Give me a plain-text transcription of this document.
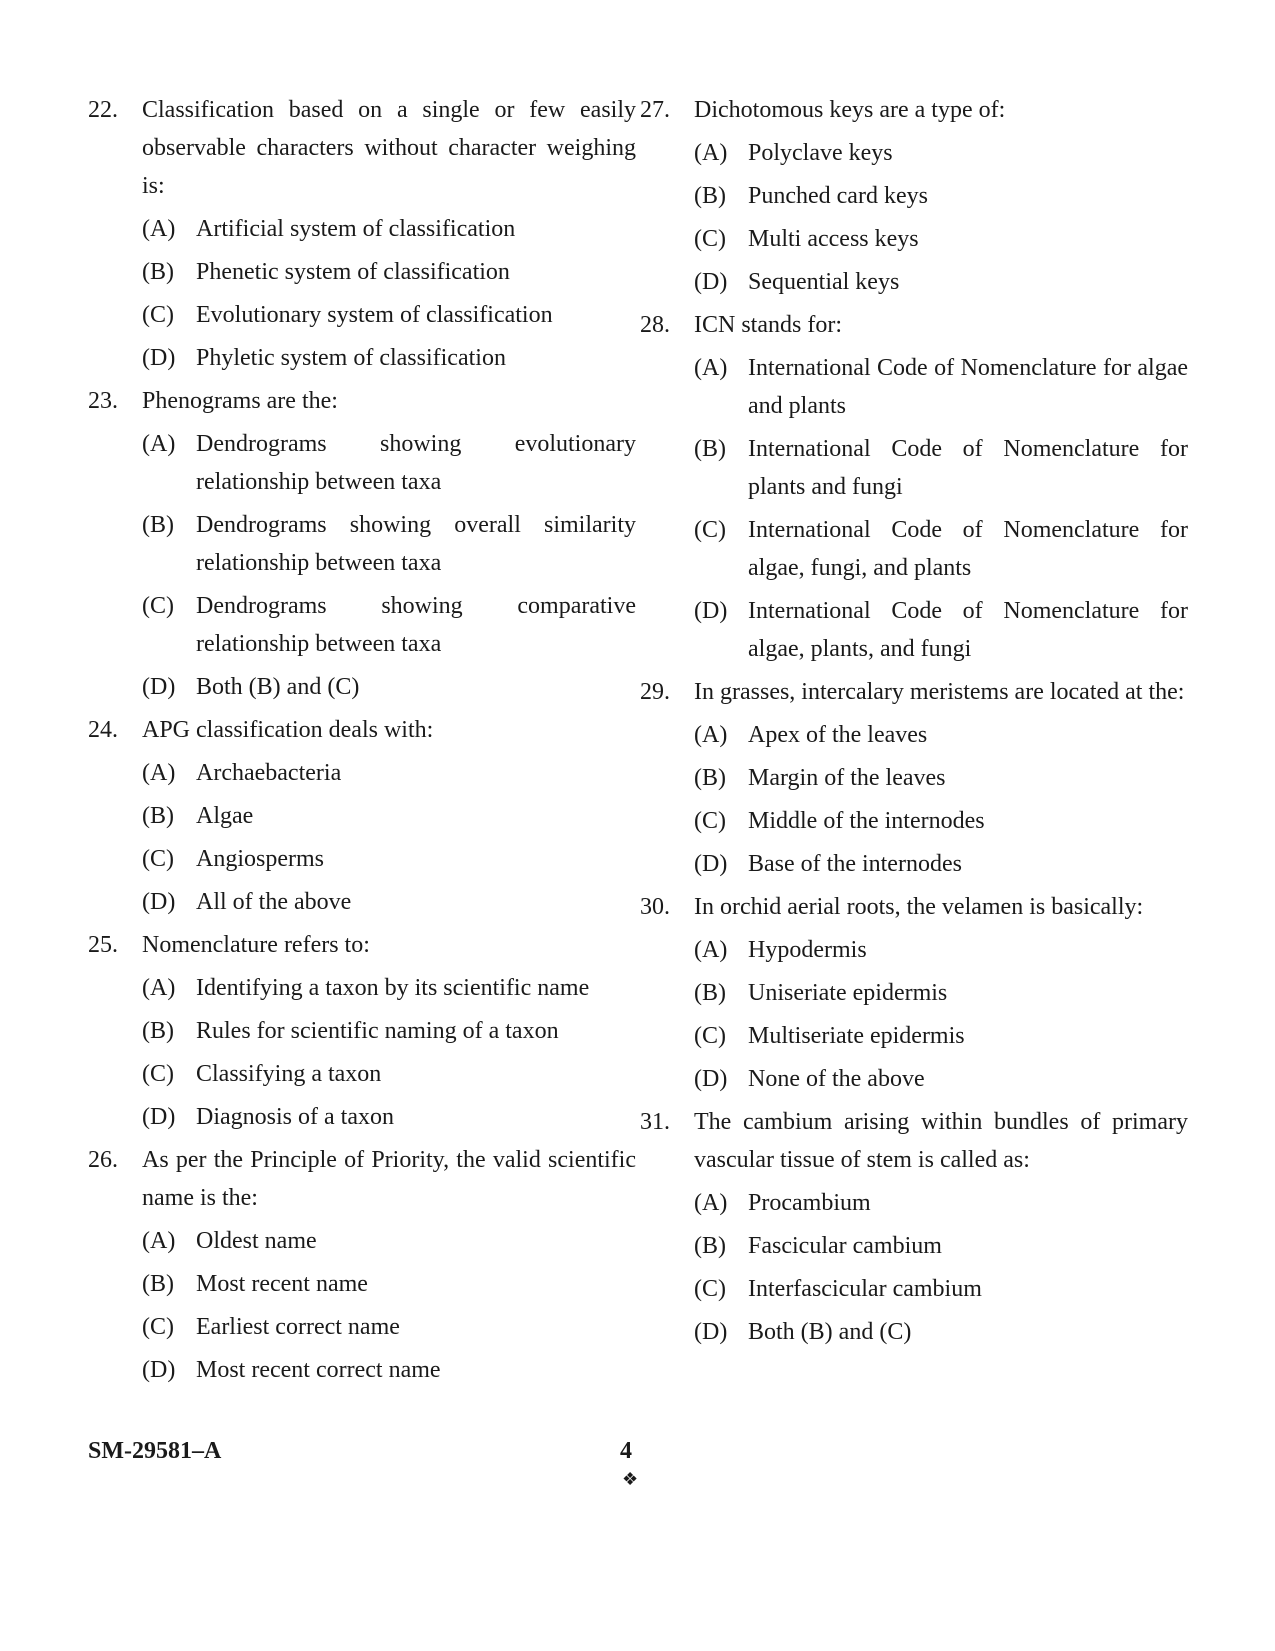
22.	Classification based on a single or few easily observable characters without character weighing is:
(A) Artificial system of classification
(B) Phenetic system of classification
(C) Evolutionary system of classification
(D) Phyletic system of classification
23.	Phenograms are the:
(A) Dendrograms showing evolutionary relationship between taxa
(B) Dendrograms showing overall similarity relationship between taxa
(C) Dendrograms showing comparative relationship between taxa
(D) Both (B) and (C)
24.	APG classification deals with:
(A) Archaebacteria
(B) Algae
(C) Angiosperms
(D) All of the above
25.	Nomenclature refers to:
(A) Identifying a taxon by its scientific name
(B) Rules for scientific naming of a taxon
(C) Classifying a taxon
(D) Diagnosis of a taxon
26.	As per the Principle of Priority, the valid scientific name is the:
(A) Oldest name
(B) Most recent name
(C) Earliest correct name
(D) Most recent correct name
27.	Dichotomous keys are a type of:
(A) Polyclave keys
(B) Punched card keys
(C) Multi access keys
(D) Sequential keys
28.	ICN stands for:
(A) International Code of Nomenclature for algae and plants
(B) International Code of Nomenclature for plants and fungi
(C) International Code of Nomenclature for algae, fungi, and plants
(D) International Code of Nomenclature for algae, plants, and fungi
29.	In grasses, intercalary meristems are located at the:
(A) Apex of the leaves
(B) Margin of the leaves
(C) Middle of the internodes
(D) Base of the internodes
30.	In orchid aerial roots, the velamen is basically:
(A) Hypodermis
(B) Uniseriate epidermis
(C) Multiseriate epidermis
(D) None of the above
31.	The cambium arising within bundles of primary vascular tissue of stem is called as:
(A) Procambium
(B) Fascicular cambium
(C) Interfascicular cambium
(D) Both (B) and (C)
SM-29581–A	4
❖
